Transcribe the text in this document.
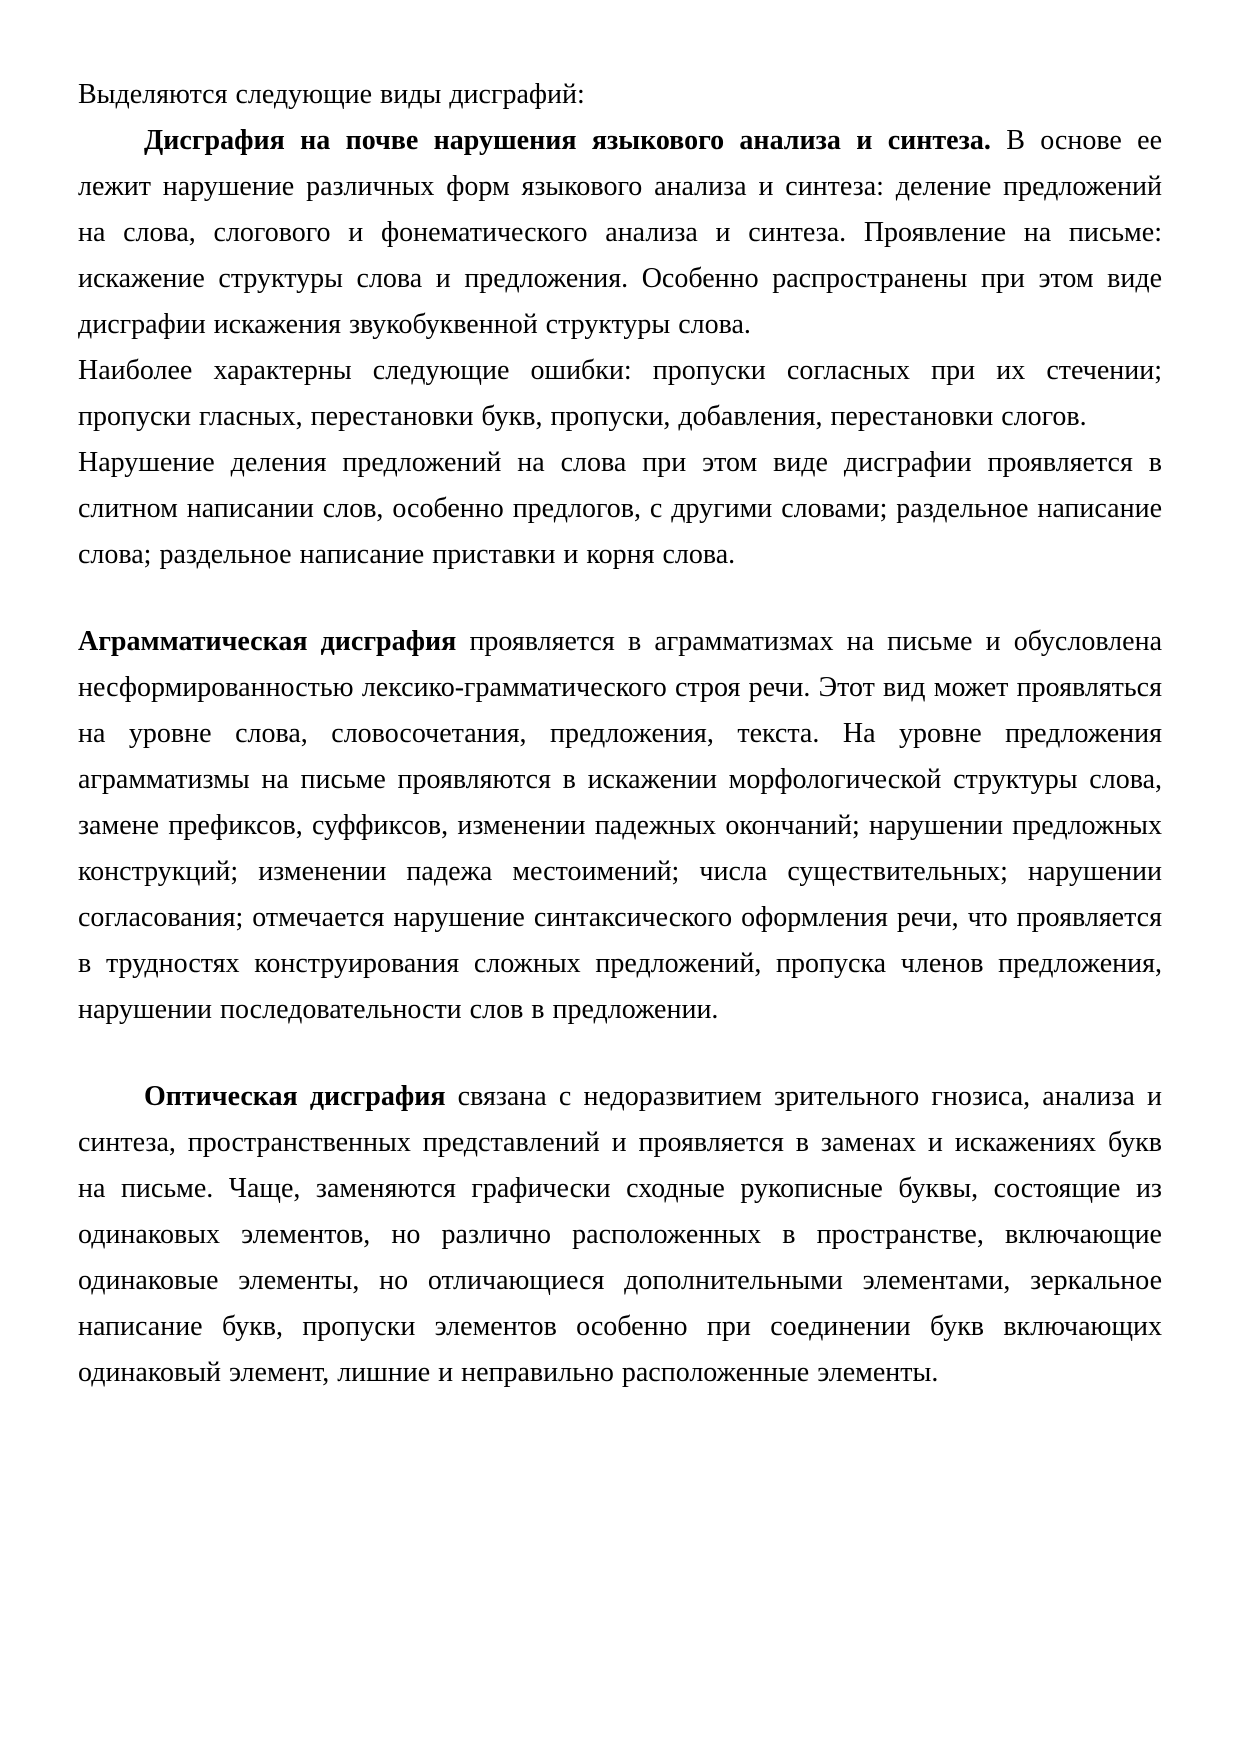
Выделяются следующие виды дисграфий:

Дисграфия на почве нарушения языкового анализа и синтеза. В основе ее лежит нарушение различных форм языкового анализа и синтеза: деление предложений на слова, слогового и фонематического анализа и синтеза. Проявление на письме: искажение структуры слова и предложения. Особенно распространены при этом виде дисграфии искажения звукобуквенной структуры слова.

Наиболее характерны следующие ошибки: пропуски согласных при их стечении; пропуски гласных, перестановки букв, пропуски, добавления, перестановки слогов.

Нарушение деления предложений на слова при этом виде дисграфии проявляется в слитном написании слов, особенно предлогов, с другими словами; раздельное написание слова; раздельное написание приставки и корня слова.

Аграмматическая дисграфия проявляется в аграмматизмах на письме и обусловлена несформированностью лексико-грамматического строя речи. Этот вид может проявляться на уровне слова, словосочетания, предложения, текста. На уровне предложения аграмматизмы на письме проявляются в искажении морфологической структуры слова, замене префиксов, суффиксов, изменении падежных окончаний; нарушении предложных конструкций; изменении падежа местоимений; числа существительных; нарушении согласования; отмечается нарушение синтаксического оформления речи, что проявляется в трудностях конструирования сложных предложений, пропуска членов предложения, нарушении последовательности слов в предложении.

Оптическая дисграфия связана с недоразвитием зрительного гнозиса, анализа и синтеза, пространственных представлений и проявляется в заменах и искажениях букв на письме. Чаще, заменяются графически сходные рукописные буквы, состоящие из одинаковых элементов, но различно расположенных в пространстве, включающие одинаковые элементы, но отличающиеся дополнительными элементами, зеркальное написание букв, пропуски элементов особенно при соединении букв включающих одинаковый элемент, лишние и неправильно расположенные элементы.
